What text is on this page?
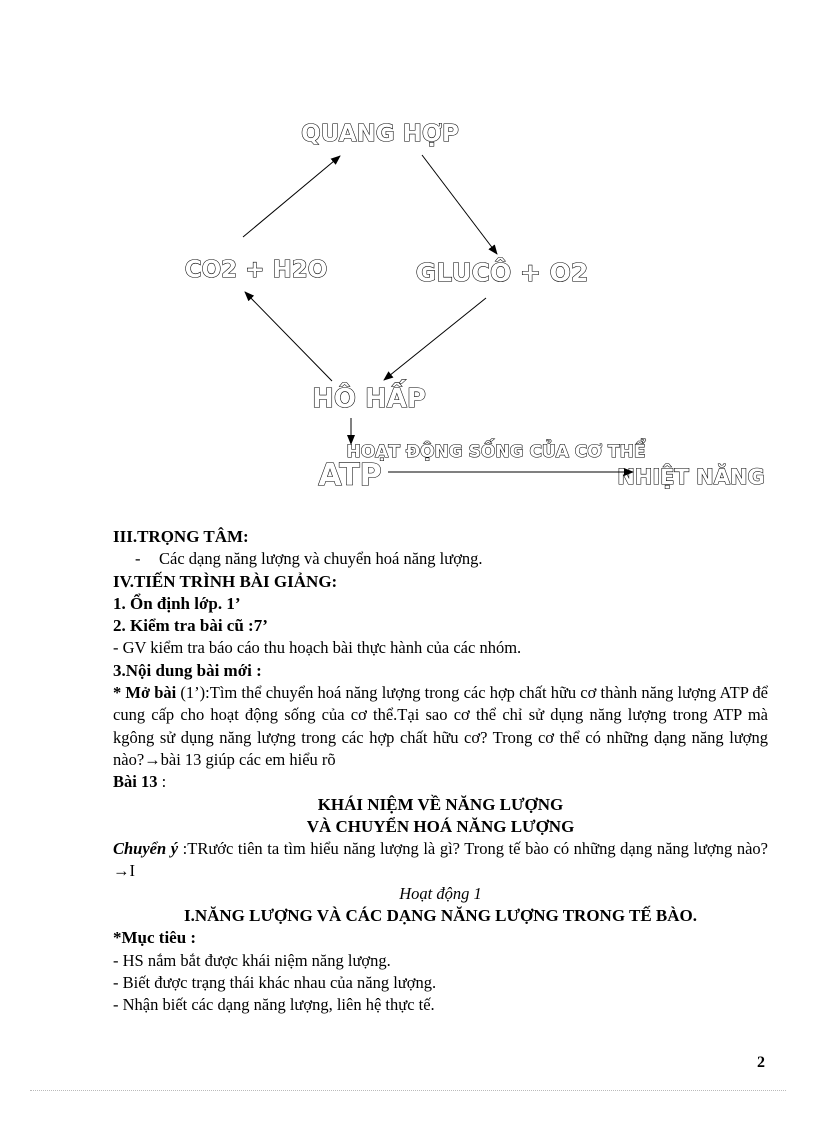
QUANG HỢP
CO2 + H2O	GLUCÔ + O2
HÔ HẤP
ATP
HOẠT ĐỘNG SỐNG CỦA CƠ THỂ
NHIỆT NĂNG

III.TRỌNG TÂM:

- Các dạng năng lượng và chuyển hoá năng lượng.

IV.TIẾN TRÌNH BÀI GIẢNG:

1. Ổn định lớp. 1’

2. Kiểm tra bài cũ :7’

- GV kiểm tra báo cáo thu hoạch bài thực hành của các nhóm.

3.Nội dung bài mới :

* Mở bài (1’):Tìm thể chuyển hoá năng lượng trong các hợp chất hữu cơ thành năng lượng ATP để cung cấp cho hoạt động sống của cơ thể.Tại sao cơ thể chỉ sử dụng năng lượng trong ATP mà kgông sử dụng năng lượng trong các hợp chất hữu cơ? Trong cơ thể có những dạng năng lượng nào?→bài 13 giúp các em hiểu rõ

Bài 13 :

KHÁI NIỆM VỀ NĂNG LƯỢNG

VÀ CHUYỂN HOÁ NĂNG LƯỢNG

Chuyển ý :TRước tiên ta tìm hiểu năng lượng là gì? Trong tế bào có những dạng năng lượng nào? →I

Hoạt động 1

I.NĂNG LƯỢNG VÀ CÁC DẠNG NĂNG LƯỢNG TRONG TẾ BÀO.

*Mục tiêu :

- HS nắm bắt được khái niệm năng lượng.

- Biết được trạng thái khác nhau của năng lượng.

- Nhận biết các dạng năng lượng, liên hệ thực tế.

2
